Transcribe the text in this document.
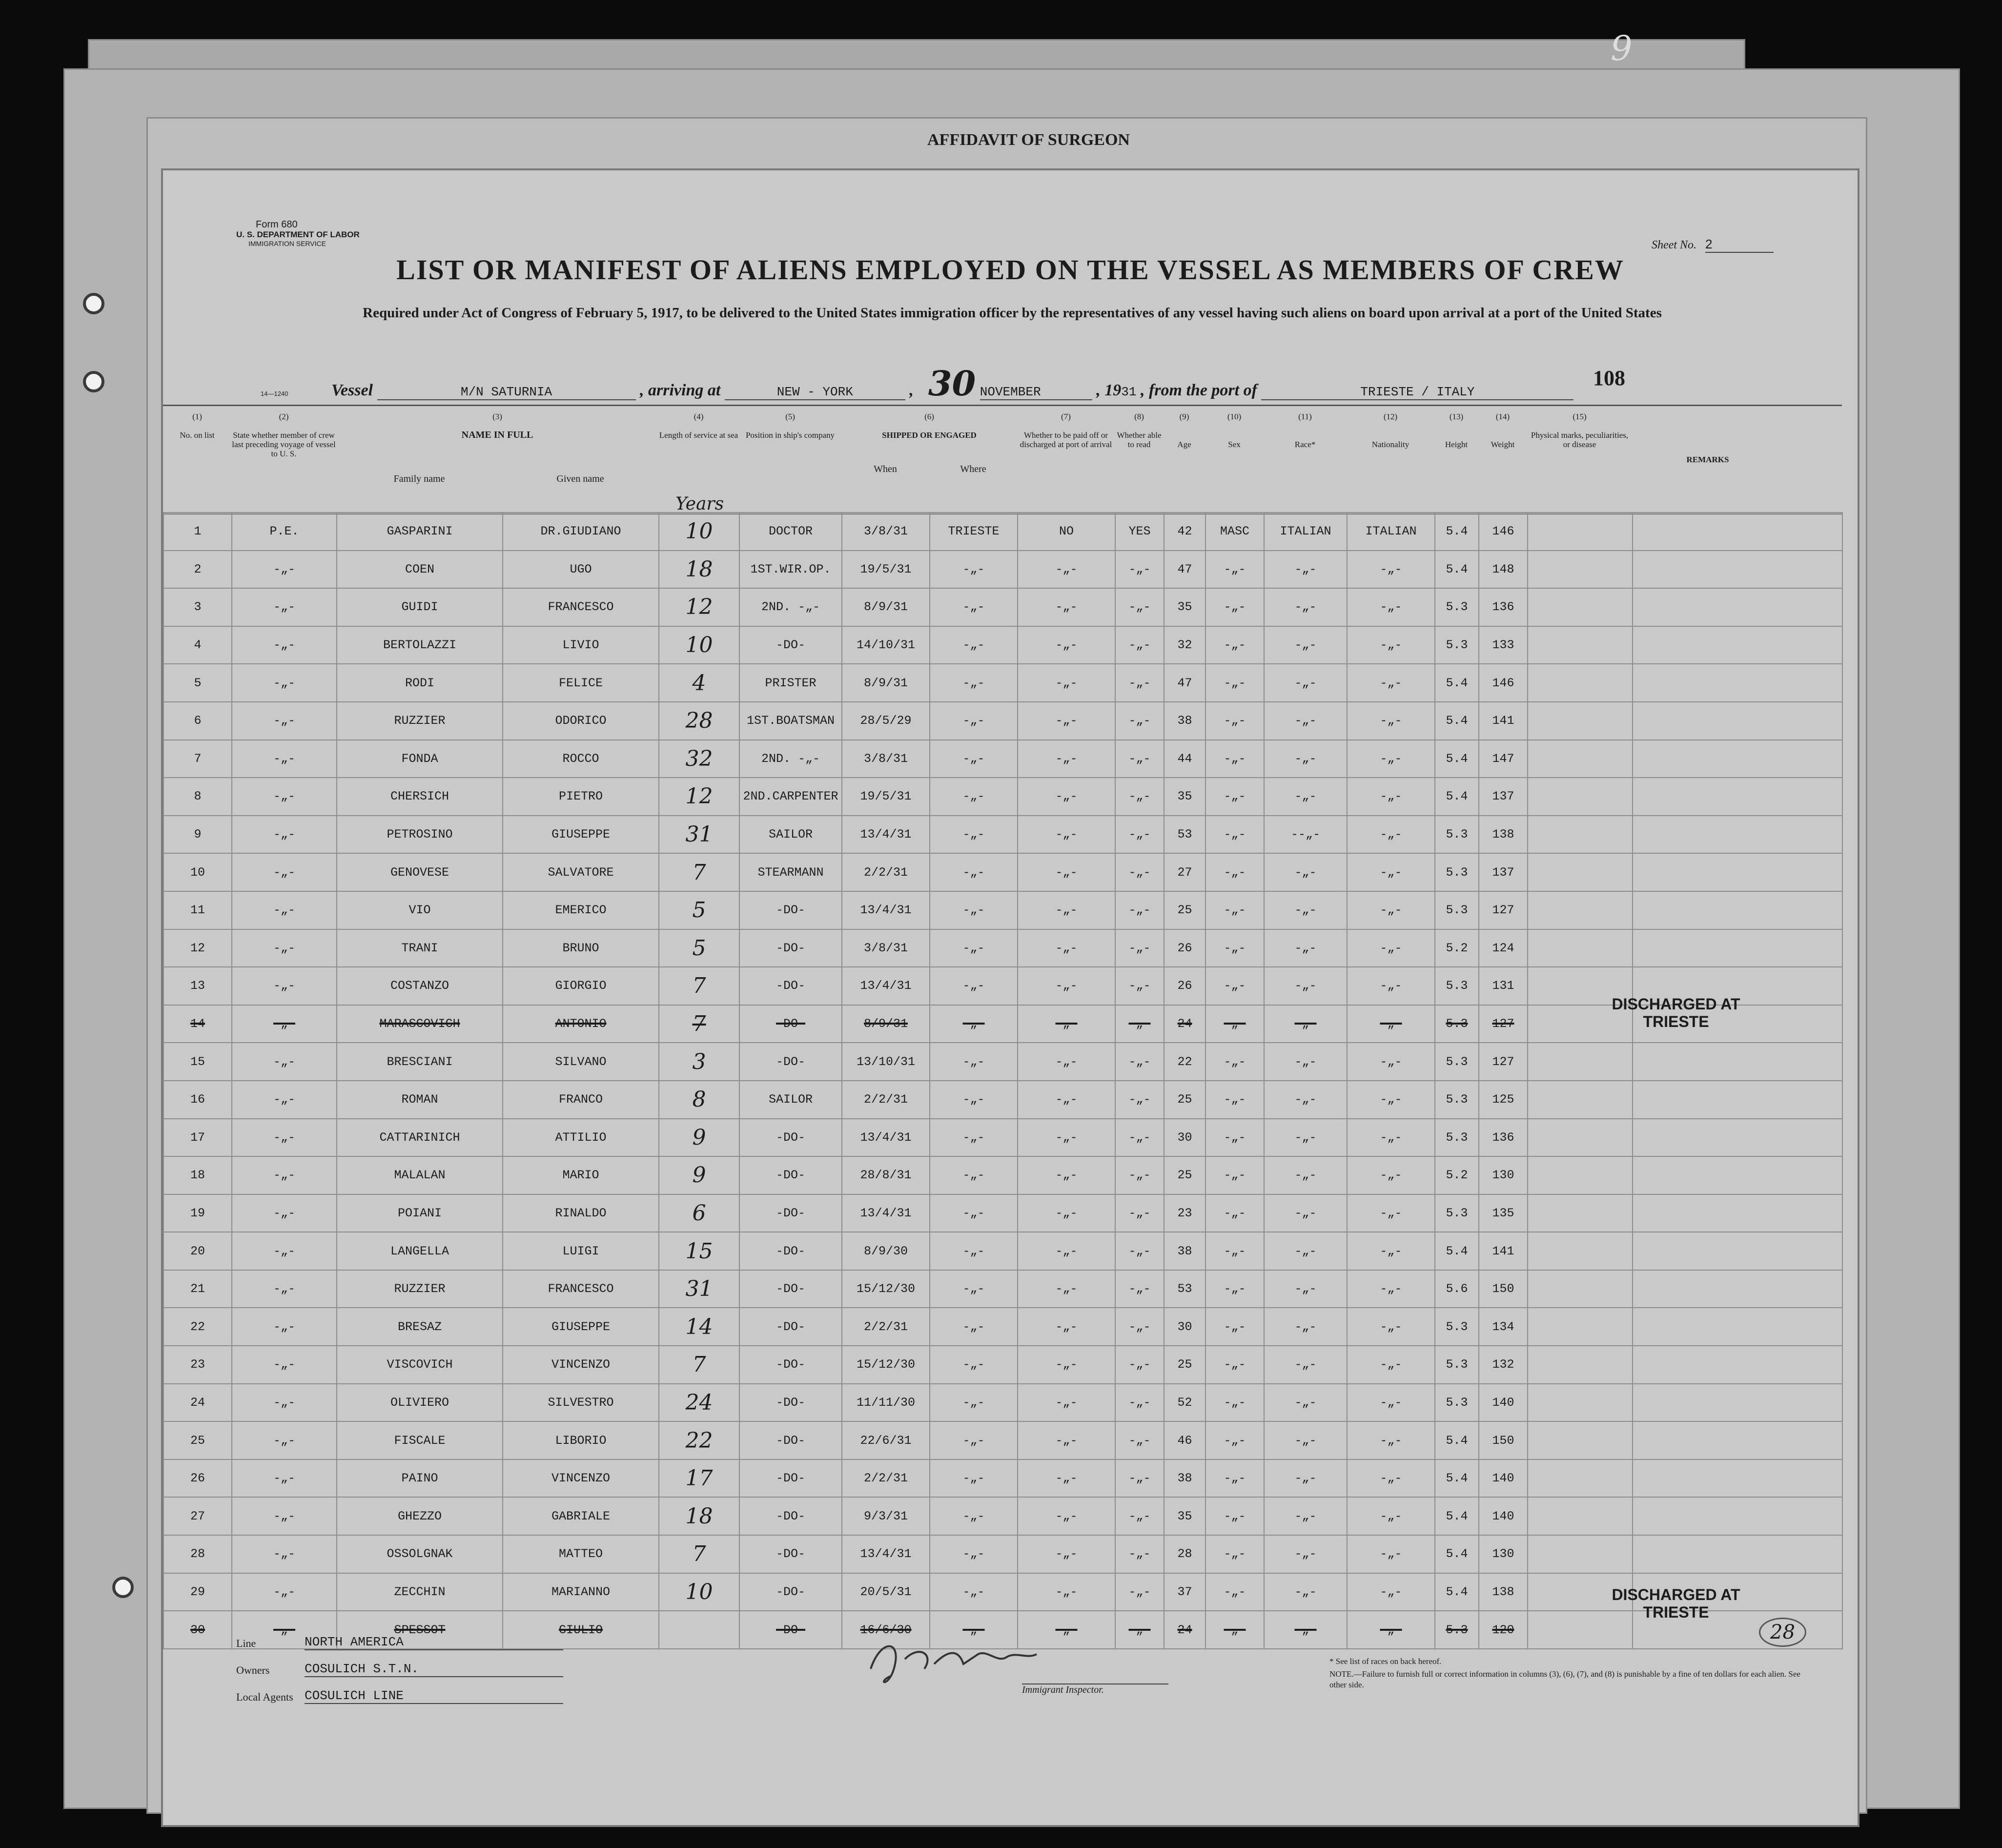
AFFIDAVIT OF SURGEON
9
Form 680
U. S. DEPARTMENT OF LABOR
IMMIGRATION SERVICE	Sheet No. 2
LIST OR MANIFEST OF ALIENS EMPLOYED ON THE VESSEL AS MEMBERS OF CREW
Required under Act of Congress of February 5, 1917, to be delivered to the United States immigration officer by the representatives of any vessel having such aliens on board upon arrival at a port of the United States
Vessel	M/N SATURNIA	, arriving at	NEW - YORK	, 30 NOVEMBER	, 1931 , from the port of	TRIESTE / ITALY
108
14—1240
(1)

No. on list
(2)

State whether member of crew last preceding voyage of vessel to U. S.
(3)

NAME IN FULL
Family name	Given name
(4)

Length of service at sea
(5)

Position in ship's company
(6)

SHIPPED OR ENGAGED
When	Where
(7)

Whether to be paid off or discharged at port of arrival
(8)

Whether able to read
(9)

Age
(10)

Sex
(11)

Race*
(12)

Nationality
(13)

Height
(14)

Weight
(15)

Physical marks, peculiarities, or disease
REMARKS
Years
1	P.E.	GASPARINI	DR.GIUDIANO	10	DOCTOR	3/8/31	TRIESTE	NO	YES	42	MASC	ITALIAN	ITALIAN	5.4	146		
2	-„-	COEN	UGO	18	1ST.WIR.OP.	19/5/31	-„-	-„-	-„-	47	-„-	-„-	-„-	5.4	148		
3	-„-	GUIDI	FRANCESCO	12	2ND. -„-	8/9/31	-„-	-„-	-„-	35	-„-	-„-	-„-	5.3	136		
4	-„-	BERTOLAZZI	LIVIO	10	-DO-	14/10/31	-„-	-„-	-„-	32	-„-	-„-	-„-	5.3	133		
5	-„-	RODI	FELICE	4	PRISTER	8/9/31	-„-	-„-	-„-	47	-„-	-„-	-„-	5.4	146		
6	-„-	RUZZIER	ODORICO	28	1ST.BOATSMAN	28/5/29	-„-	-„-	-„-	38	-„-	-„-	-„-	5.4	141		
7	-„-	FONDA	ROCCO	32	2ND. -„-	3/8/31	-„-	-„-	-„-	44	-„-	-„-	-„-	5.4	147		
8	-„-	CHERSICH	PIETRO	12	2ND.CARPENTER	19/5/31	-„-	-„-	-„-	35	-„-	-„-	-„-	5.4	137		
9	-„-	PETROSINO	GIUSEPPE	31	SAILOR	13/4/31	-„-	-„-	-„-	53	-„-	--„-	-„-	5.3	138		
10	-„-	GENOVESE	SALVATORE	7	STEARMANN	2/2/31	-„-	-„-	-„-	27	-„-	-„-	-„-	5.3	137		
11	-„-	VIO	EMERICO	5	-DO-	13/4/31	-„-	-„-	-„-	25	-„-	-„-	-„-	5.3	127		
12	-„-	TRANI	BRUNO	5	-DO-	3/8/31	-„-	-„-	-„-	26	-„-	-„-	-„-	5.2	124		
13	-„-	COSTANZO	GIORGIO	7	-DO-	13/4/31	-„-	-„-	-„-	26	-„-	-„-	-„-	5.3	131		
14	-„-	MARASCOVICH	ANTONIO	7	-DO-	8/9/31	-„-	-„-	-„-	24	-„-	-„-	-„-	5.3	127		
15	-„-	BRESCIANI	SILVANO	3	-DO-	13/10/31	-„-	-„-	-„-	22	-„-	-„-	-„-	5.3	127		
16	-„-	ROMAN	FRANCO	8	SAILOR	2/2/31	-„-	-„-	-„-	25	-„-	-„-	-„-	5.3	125		
17	-„-	CATTARINICH	ATTILIO	9	-DO-	13/4/31	-„-	-„-	-„-	30	-„-	-„-	-„-	5.3	136		
18	-„-	MALALAN	MARIO	9	-DO-	28/8/31	-„-	-„-	-„-	25	-„-	-„-	-„-	5.2	130		
19	-„-	POIANI	RINALDO	6	-DO-	13/4/31	-„-	-„-	-„-	23	-„-	-„-	-„-	5.3	135		
20	-„-	LANGELLA	LUIGI	15	-DO-	8/9/30	-„-	-„-	-„-	38	-„-	-„-	-„-	5.4	141		
21	-„-	RUZZIER	FRANCESCO	31	-DO-	15/12/30	-„-	-„-	-„-	53	-„-	-„-	-„-	5.6	150		
22	-„-	BRESAZ	GIUSEPPE	14	-DO-	2/2/31	-„-	-„-	-„-	30	-„-	-„-	-„-	5.3	134		
23	-„-	VISCOVICH	VINCENZO	7	-DO-	15/12/30	-„-	-„-	-„-	25	-„-	-„-	-„-	5.3	132		
24	-„-	OLIVIERO	SILVESTRO	24	-DO-	11/11/30	-„-	-„-	-„-	52	-„-	-„-	-„-	5.3	140		
25	-„-	FISCALE	LIBORIO	22	-DO-	22/6/31	-„-	-„-	-„-	46	-„-	-„-	-„-	5.4	150		
26	-„-	PAINO	VINCENZO	17	-DO-	2/2/31	-„-	-„-	-„-	38	-„-	-„-	-„-	5.4	140		
27	-„-	GHEZZO	GABRIALE	18	-DO-	9/3/31	-„-	-„-	-„-	35	-„-	-„-	-„-	5.4	140		
28	-„-	OSSOLGNAK	MATTEO	7	-DO-	13/4/31	-„-	-„-	-„-	28	-„-	-„-	-„-	5.4	130		
29	-„-	ZECCHIN	MARIANNO	10	-DO-	20/5/31	-„-	-„-	-„-	37	-„-	-„-	-„-	5.4	138		
30	-„-	SPESSOT	GIULIO		-DO-	16/6/30	-„-	-„-	-„-	24	-„-	-„-	-„-	5.3	120		
DISCHARGED AT TRIESTE
DISCHARGED AT TRIESTE
Line	NORTH AMERICA
Owners	COSULICH S.T.N.
Local Agents COSULICH LINE	Immigrant Inspector.
* See list of races on back hereof.
NOTE.—Failure to furnish full or correct information in columns (3), (6), (7), and (8) is punishable by a fine of ten dollars for each alien. See other side.
28
